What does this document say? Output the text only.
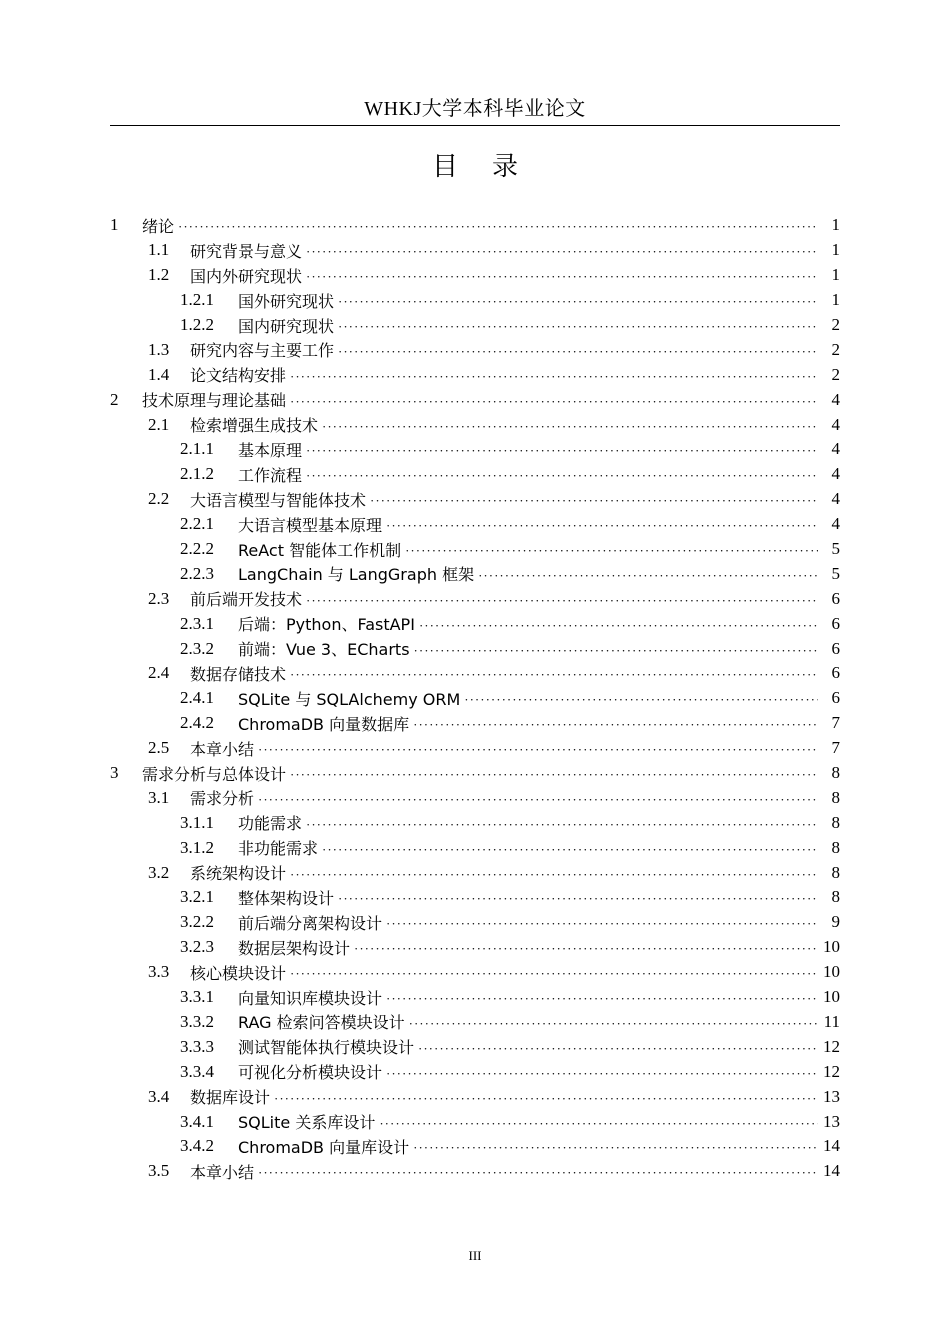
WHKJ大学本科毕业论文
目 录
1	绪论 ·····	1
1.1	研究背景与意义 ·····	1
1.2	国内外研究现状 ·····	1
1.2.1	国外研究现状 ·····	1
1.2.2	国内研究现状 ·····	2
1.3	研究内容与主要工作 ·····	2
1.4	论文结构安排 ·····	2
2	技术原理与理论基础 ·····	4
2.1	检索增强生成技术 ·····	4
2.1.1	基本原理 ·····	4
2.1.2	工作流程 ·····	4
2.2	大语言模型与智能体技术 ·····	4
2.2.1	大语言模型基本原理 ·····	4
2.2.2	ReAct 智能体工作机制 ·····	5
2.2.3	LangChain 与 LangGraph 框架 ·····	5
2.3	前后端开发技术 ·····	6
2.3.1	后端：Python、FastAPI ·····	6
2.3.2	前端：Vue 3、ECharts ·····	6
2.4	数据存储技术 ·····	6
2.4.1	SQLite 与 SQLAlchemy ORM ·····	6
2.4.2	ChromaDB 向量数据库 ·····	7
2.5	本章小结 ·····	7
3	需求分析与总体设计 ·····	8
3.1	需求分析 ·····	8
3.1.1	功能需求 ·····	8
3.1.2	非功能需求 ·····	8
3.2	系统架构设计 ·····	8
3.2.1	整体架构设计 ·····	8
3.2.2	前后端分离架构设计 ·····	9
3.2.3	数据层架构设计 ·····	10
3.3	核心模块设计 ·····	10
3.3.1	向量知识库模块设计 ·····	10
3.3.2	RAG 检索问答模块设计 ·····	11
3.3.3	测试智能体执行模块设计 ·····	12
3.3.4	可视化分析模块设计 ·····	12
3.4	数据库设计 ·····	13
3.4.1	SQLite 关系库设计 ·····	13
3.4.2	ChromaDB 向量库设计 ·····	14
3.5	本章小结 ·····	14
III
